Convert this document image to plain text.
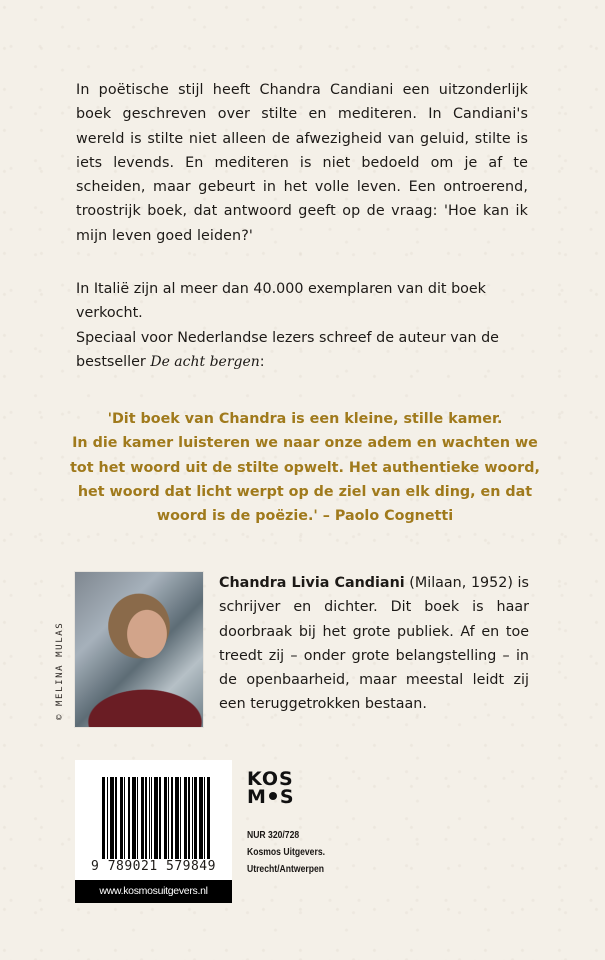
In poëtische stijl heeft Chandra Candiani een uitzonderlijk boek geschreven over stilte en mediteren. In Candiani's wereld is stilte niet alleen de afwezigheid van geluid, stilte is iets levends. En mediteren is niet bedoeld om je af te scheiden, maar gebeurt in het volle leven. Een ontroerend, troostrijk boek, dat antwoord geeft op de vraag: 'Hoe kan ik mijn leven goed leiden?'

In Italië zijn al meer dan 40.000 exemplaren van dit boek verkocht.

Speciaal voor Nederlandse lezers schreef de auteur van de bestseller De acht bergen:

'Dit boek van Chandra is een kleine, stille kamer.
In die kamer luisteren we naar onze adem en wachten we
tot het woord uit de stilte opwelt. Het authentieke woord,
het woord dat licht werpt op de ziel van elk ding, en dat
woord is de poëzie.' – Paolo Cognetti
© MELINA MULAS

Chandra Livia Candiani (Milaan, 1952) is schrijver en dichter. Dit boek is haar doorbraak bij het grote publiek. Af en toe treedt zij – onder grote belangstelling – in de openbaarheid, maar meestal leidt zij een teruggetrokken bestaan.

9 789021 579849
www.kosmosuitgevers.nl
KOS
M S
NUR 320/728
Kosmos Uitgevers.
Utrecht/Antwerpen
